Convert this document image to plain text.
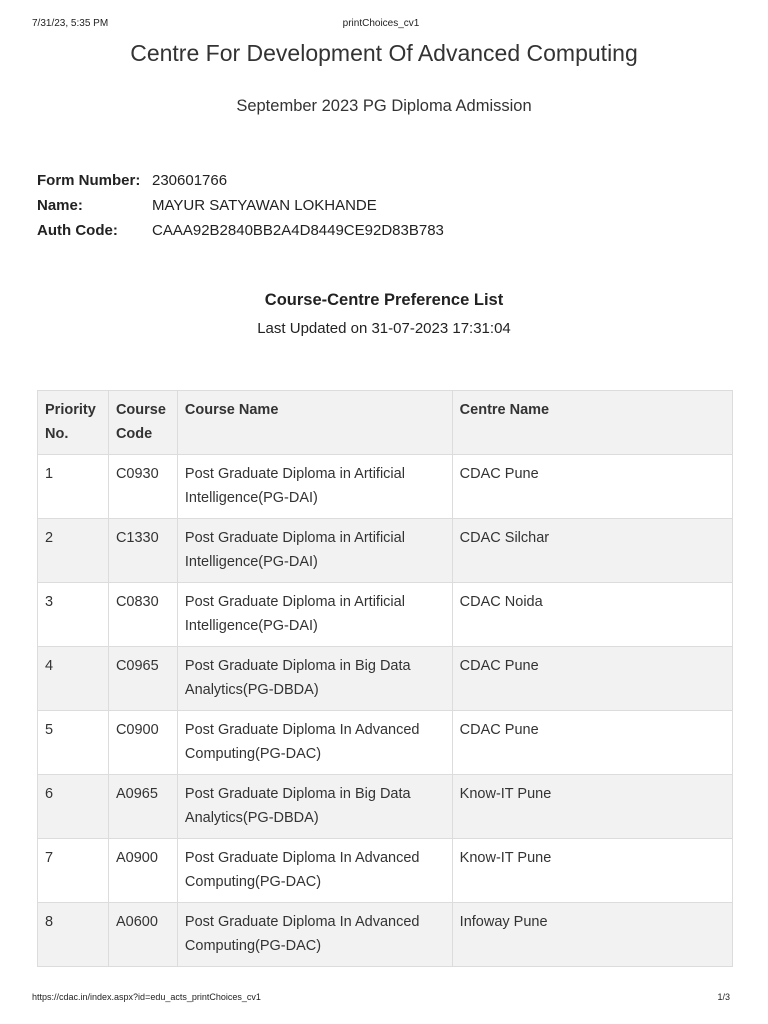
7/31/23, 5:35 PM	printChoices_cv1
Centre For Development Of Advanced Computing
September 2023 PG Diploma Admission
Form Number: 230601766
Name:	MAYUR SATYAWAN LOKHANDE
Auth Code:	CAAA92B2840BB2A4D8449CE92D83B783
Course-Centre Preference List
Last Updated on 31-07-2023 17:31:04
Priority No.	Course Code	Course Name	Centre Name
1	C0930	Post Graduate Diploma in Artificial Intelligence(PG-DAI)	CDAC Pune
2	C1330	Post Graduate Diploma in Artificial Intelligence(PG-DAI)	CDAC Silchar
3	C0830	Post Graduate Diploma in Artificial Intelligence(PG-DAI)	CDAC Noida
4	C0965	Post Graduate Diploma in Big Data Analytics(PG-DBDA)	CDAC Pune
5	C0900	Post Graduate Diploma In Advanced Computing(PG-DAC)	CDAC Pune
6	A0965	Post Graduate Diploma in Big Data Analytics(PG-DBDA)	Know-IT Pune
7	A0900	Post Graduate Diploma In Advanced Computing(PG-DAC)	Know-IT Pune
8	A0600	Post Graduate Diploma In Advanced Computing(PG-DAC)	Infoway Pune
https://cdac.in/index.aspx?id=edu_acts_printChoices_cv1	1/3
